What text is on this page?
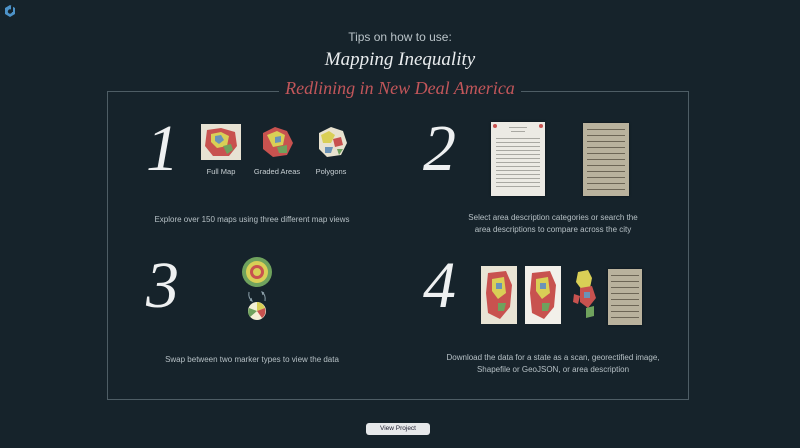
Tips on how to use:
Mapping Inequality
Redlining in New Deal America
1	Full Map	Graded Areas	Polygons
Explore over 150 maps using three different map views
2
Select area description categories or search the
area descriptions to compare across the city
3
Swap between two marker types to view the data
4
Download the data for a state as a scan, georectified image,
Shapefile or GeoJSON, or area description
View Project
